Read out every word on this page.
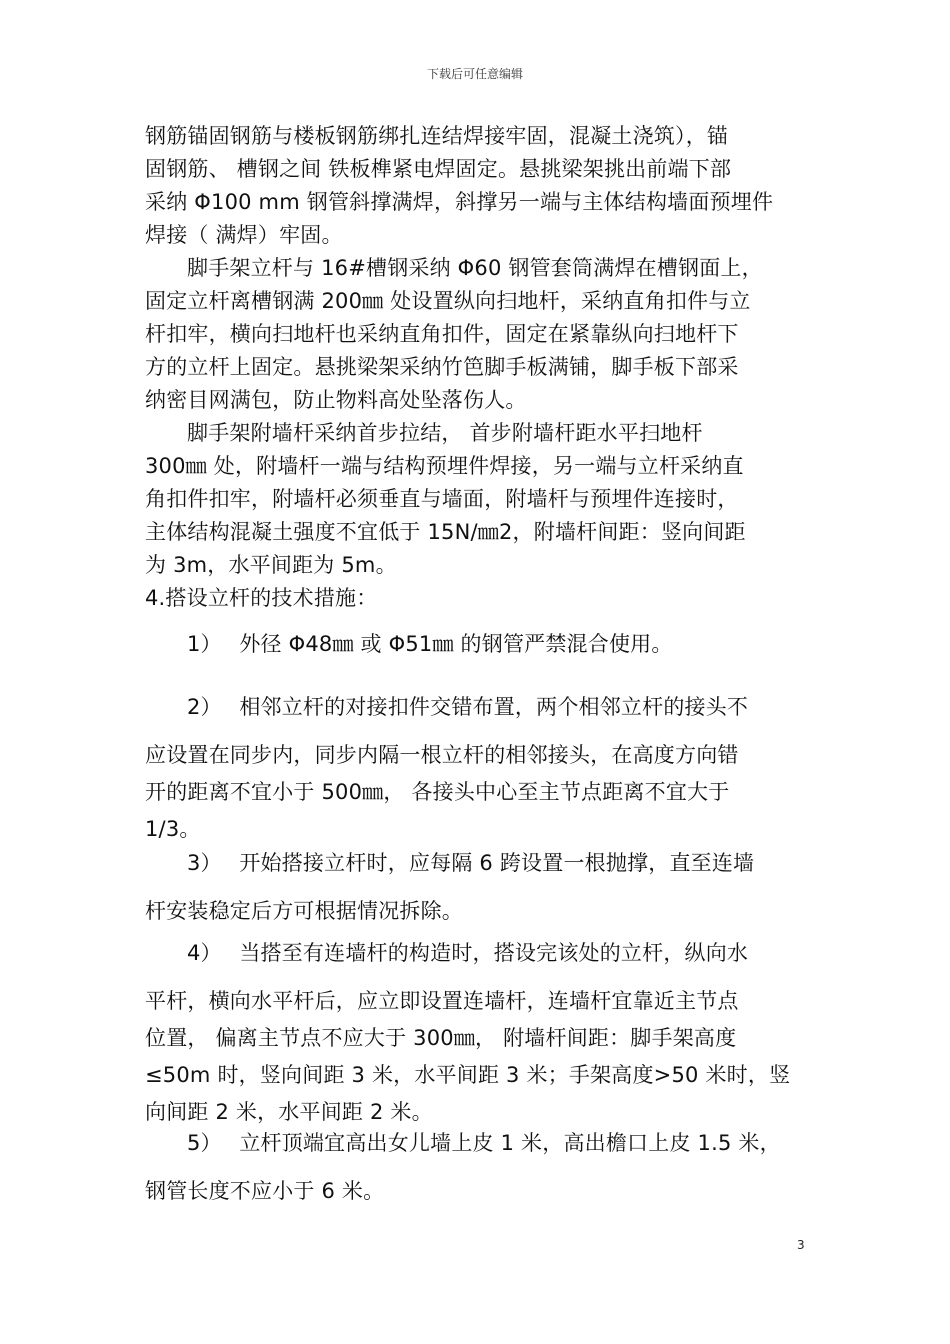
下载后可任意编辑
钢筋锚固钢筋与楼板钢筋绑扎连结焊接牢固，混凝土浇筑），锚
固钢筋、 槽钢之间 铁板榫紧电焊固定。悬挑梁架挑出前端下部
采纳 Φ100 mm 钢管斜撑满焊，斜撑另一端与主体结构墙面预埋件
焊接（ 满焊）牢固。
脚手架立杆与 16#槽钢采纳 Φ60 钢管套筒满焊在槽钢面上，
固定立杆离槽钢满 200㎜ 处设置纵向扫地杆，采纳直角扣件与立
杆扣牢，横向扫地杆也采纳直角扣件，固定在紧靠纵向扫地杆下
方的立杆上固定。悬挑梁架采纳竹笆脚手板满铺，脚手板下部采
纳密目网满包，防止物料高处坠落伤人。
脚手架附墙杆采纳首步拉结， 首步附墙杆距水平扫地杆
300㎜ 处，附墙杆一端与结构预埋件焊接，另一端与立杆采纳直
角扣件扣牢，附墙杆必须垂直与墙面，附墙杆与预埋件连接时，
主体结构混凝土强度不宜低于 15N/㎜2，附墙杆间距：竖向间距
为 3m，水平间距为 5m。
4.搭设立杆的技术措施：
1）　 外径 Φ48㎜ 或 Φ51㎜ 的钢管严禁混合使用。
2）　 相邻立杆的对接扣件交错布置，两个相邻立杆的接头不
应设置在同步内，同步内隔一根立杆的相邻接头，在高度方向错
开的距离不宜小于 500㎜， 各接头中心至主节点距离不宜大于
1/3。
3）　 开始搭接立杆时，应每隔 6 跨设置一根抛撑，直至连墙
杆安装稳定后方可根据情况拆除。
4）　 当搭至有连墙杆的构造时，搭设完该处的立杆，纵向水
平杆，横向水平杆后，应立即设置连墙杆，连墙杆宜靠近主节点
位置， 偏离主节点不应大于 300㎜， 附墙杆间距：脚手架高度
≤50m 时，竖向间距 3 米，水平间距 3 米；手架高度>50 米时，竖
向间距 2 米，水平间距 2 米。
5）　 立杆顶端宜高出女儿墙上皮 1 米，高出檐口上皮 1.5 米，
钢管长度不应小于 6 米。
3
